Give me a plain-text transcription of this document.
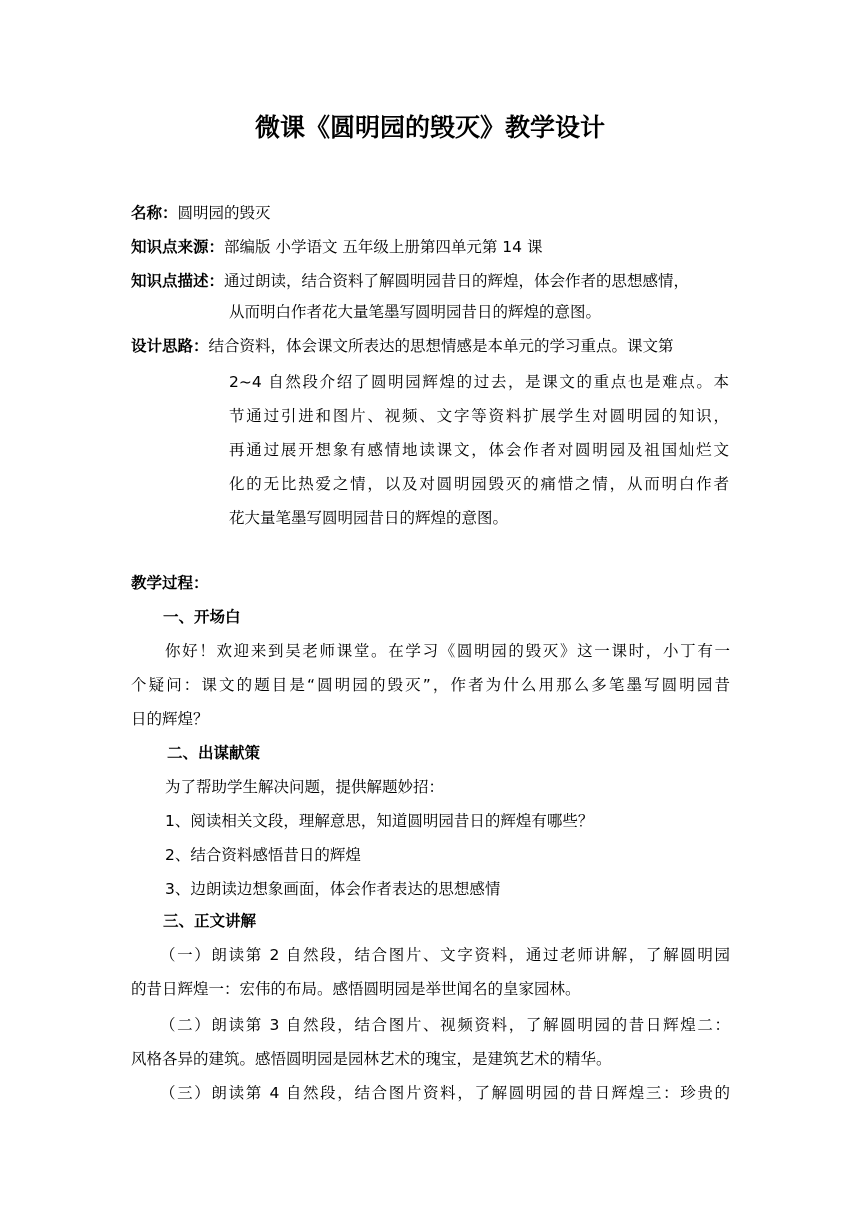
微课《圆明园的毁灭》教学设计
名称：圆明园的毁灭
知识点来源：部编版 小学语文 五年级上册第四单元第 14 课
知识点描述：通过朗读，结合资料了解圆明园昔日的辉煌，体会作者的思想感情，
从而明白作者花大量笔墨写圆明园昔日的辉煌的意图。
设计思路：结合资料，体会课文所表达的思想情感是本单元的学习重点。课文第
2~4 自然段介绍了圆明园辉煌的过去，是课文的重点也是难点。本
节通过引进和图片、视频、文字等资料扩展学生对圆明园的知识，
再通过展开想象有感情地读课文，体会作者对圆明园及祖国灿烂文
化的无比热爱之情，以及对圆明园毁灭的痛惜之情，从而明白作者
花大量笔墨写圆明园昔日的辉煌的意图。
教学过程：
一、开场白
你好！欢迎来到吴老师课堂。在学习《圆明园的毁灭》这一课时，小丁有一
个疑问：课文的题目是“圆明园的毁灭”，作者为什么用那么多笔墨写圆明园昔
日的辉煌？
二、出谋献策
为了帮助学生解决问题，提供解题妙招：
1、阅读相关文段，理解意思，知道圆明园昔日的辉煌有哪些？
2、结合资料感悟昔日的辉煌
3、边朗读边想象画面，体会作者表达的思想感情
三、正文讲解
（一）朗读第 2 自然段，结合图片、文字资料，通过老师讲解，了解圆明园
的昔日辉煌一：宏伟的布局。感悟圆明园是举世闻名的皇家园林。
（二）朗读第 3 自然段，结合图片、视频资料，了解圆明园的昔日辉煌二：
风格各异的建筑。感悟圆明园是园林艺术的瑰宝，是建筑艺术的精华。
（三）朗读第 4 自然段，结合图片资料，了解圆明园的昔日辉煌三：珍贵的
